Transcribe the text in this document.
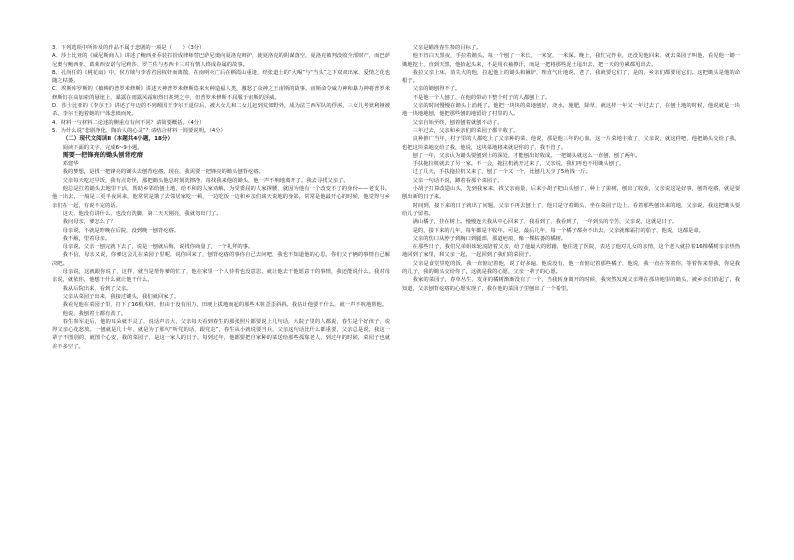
3．下列选项中所涉及的作品不属于悲剧的一项是（　　）（3分）

A．莎士比亚的《威尼斯商人》讲述了鲍西亚乔装打扮成律师替巴萨尼奥向夏洛克辩护，使夏洛克的阴谋落空，夏洛克被判没收全部财产，而巴萨尼奥与鲍西亚、葛莱西安诺与尼莉莎、罗兰佐与杰西卡三对有情人终成眷属的故事。

B．孔尚任的《桃花扇》中，侯方域与李香君因权奸而离散，在南明灭亡后在栖霞山重逢，经张道士的“大喝”与“当头”之下双双出家，爱情之花也随之枯萎。

C．埃斯库罗斯的《被缚的普罗米修斯》讲述天神普罗米修斯盗来火种造福人类，激怒了众神之王宙斯的故事。宙斯命令威力神和暴力神将普罗米修斯钉在高加索的悬崖上，暴露在雨露风霜和烈日炙烤之中，但普罗米修斯不屈服于宙斯的淫威。

D．莎士比亚的《李尔王》讲述了年迈的不列颠国王李尔王退位后，被大女儿和二女儿赶到荒郊野外，成为法兰西军队的俘虏，三女儿考狄利娅被杀，李尔王抱着她的尸体悲愤而死。

4．材料一与材料二论述的侧重点有何不同？请简要概括。（4分）

5．为什么说“悲剧净化、陶冶人的心灵”？请结合材料一简要说明。（4分）

（二）现代文阅读Ⅱ（本题共4小题，18分）

阅读下面的文字，完成6~9小题。

需要一把锋亮的锄头刨背疙瘩

邓建华

我的梦想，是找一把锋亮的锄头去刨背疙瘩。现在，我需要一把锋亮的锄头刨背疙瘩。

父亲每天吃过早饭，我有点奇怪，那把锄头他总时刻洗擦净，每找我来他的锄头，他一声不响地离开了。我去寻找父亲了。

他总是扛着锄头去地里干活，帮助乡邻给刨土地，给不和的人家劝解，为受委屈的人家撑腰，就因为他有一个改变不了的身份——老支书。他一出去，一般是三更半夜回来，他常常是饿了去邻居家吃一顿，一边吃饭一边和乡亲们谈天说地的身影，常常是他最开心的时候，他觉得与乡亲们在一起，有说不完的话。

这天，他没有讲什么，也没有洗脚，第二天天刚亮，我就勿出门了。

我问母亲，爹怎么了？

母亲说，不就是昨晚在后院，没到晚一刨背疙瘩。

我不解，望着母亲。

母亲说，父亲一刨完就下去了，说是一刨就后悔，说找你商量了，一个礼拜的事。

我不信，母亲又说，你爹这会儿在菜园子里呢，说你回来了，刨背疙瘩的事你自己去问吧，我也不知道他的心思，你们父子俩的事情自己解决吧。

母亲说，这就跟你说了，这样，就当是帮你爹的忙了，他在家里一个人待着也没意思，就让他去干他愿意干的事情，我还能说什么。我对母亲说，就依你，他想干什么就让他干什么。

我从后院出来，看到了父亲。

父亲从菜园子出来，我接过锄头，我们就回家了。

我看见他在菜园子里，打下了16根木桩，但由于没有用力，田埂上拔地而起的那些木桩歪歪斜斜。我估计他要干什么，就一声不吭地帮他。

他说，我刨着土都有劲了。

春生参军走后，他的耳朵就不灵了，说话声音大，父亲每天看到春生的那张照片都要说上几句话，大院子里的人都说，春生是个好孩子，说得父亲心花怒放。一刨就是几十年，就是为了那句“听党的话，跟党走”，春生从小就说要当兵，父亲这句话比什么都重要，父亲总是说，我这一辈子不图别的，就图个心安，我的菜园子，是这一家人的日子。每到过年，他都要把自家种的菜送给那些孤寡老人，到过年的时候，菜园子也就差不多空了。

父亲是瞄准春生参的目标了。

他不管白天黑夜，手拉着锄头。每一个刨了一米长，一米宽，一米深。晚上，我忙完作业，还没见他回来，就去菜园子叫他，看见他一锄一锄地挖土，直到天黑，他抬起头来，不是用衣袖擦汗，而是一把将那些泥土甩出去，把一天的劳累都甩出去。

我拉父亲上床，消失大的他，拉起他上的锄头和锹铲，理直气壮地说，老了，我就要它们了，是的，乡亲们都要用它们。这把锄头是他的命根子。

父亲的锄刨得不了。

不是他一个人刨了，在他的带动下整个村子的人都刨上了。

父亲的时间慢慢在锄头上消耗了。他把一块块的菜地刨好，浇水，施肥，除草，就这样一年又一年过去了，在刨土地的时候，他说就是一块地一块地地刨，他把那些刨的地留给了村里的人。

父亲自始至终，刨着刨着就刨不动了。

三年过去，父亲和乡亲们的菜园子都丰收了。

良种推广当年，村子里的人都吃上了父亲种的菜，他说，那是他三年的心血，这一片菜地丰收了，父亲说，就这样吧，他把锄头交给了我，也把这块菜地交给了我，他说，这块菜地将来就是你的了，我不管了。

刨了一年，父亲认为锄头要刨到土的深处，才能刨出好收成。一把锄头就这么一直刨，刨了两年。

手扶拖拉机就去了另一家。不一会，拖拉机就开过来了，父亲说，我们再也不用锄头刨了。

过了几天，手扶拖拉机又来了，刨了一个又一个，比刨几天少了5角钱一斤。

父亲一句话不说，蹲着看那个菜园子。

小胡子打算改造山头，先到我家来，找父亲商量，后来小胡子把山头刨了，种上了果树，刨出了收获，父亲说这是好事，刨背疙瘩，就是要刨出新的日子来。

时间到，接下来的日子就出了问题，父亲不再去刨土了，他只是守着锄头，坐在菜园子边上，看着那些刨出来的地，父亲说，我这把锄头要给儿子留着。

满山橘子，挂在树上。慢慢连天我从中心回来了，我看到了，我看到了，一年到头的辛苦，父亲说，这就是日子。

是的，接下来的几年，每年都是丰收年。可是，最后几年，每一个橘子都卖不出去，父亲就像霜打的茄子，他说，这都是命。

父亲的伤口从脖子到胸口到腿部，那道疤痕，像一棵枯萎的橘树。

在那些日子，我们兄弟姐妹轮流陪着父亲，给了他最大的慰藉，他住进了医院，表达了他对儿女的亲情，这个老人就拉着16棵橘树亲亲热热地回到了家里，和父亲一起，一起回到了我们的菜园子。

父亲是食堂里吃的饭，我一直惦记着他，说了好多遍，他说没有，他一直惦记着那些橘子，他说，我一直在等着你，等着你来帮我，你是我的儿子，我的锄头交给你了，这就是我的心愿，父亲一辈子的心愿。

我家的菜园子，春草丛生，发芽的橘树渐渐没有了一个，当我转身离开的时候，我突然发现父亲埋在那块地里的锄头，被乡亲们拾起了，我知道，父亲刨背疙瘩的心愿实现了，我在他的菜园子里刨出了一个希望。
